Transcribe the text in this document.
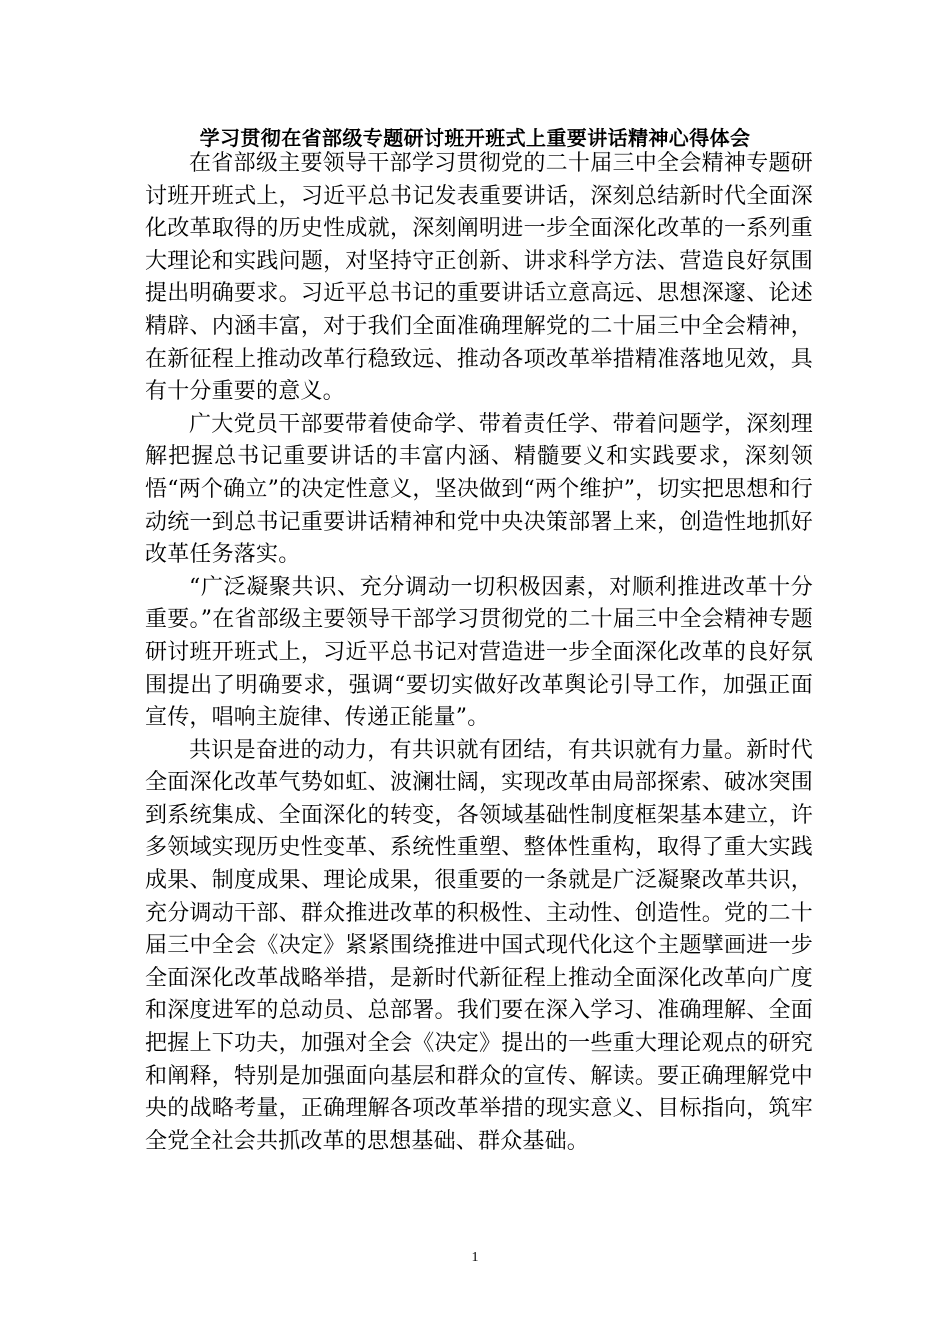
学习贯彻在省部级专题研讨班开班式上重要讲话精神心得体会

在省部级主要领导干部学习贯彻党的二十届三中全会精神专题研讨班开班式上，习近平总书记发表重要讲话，深刻总结新时代全面深化改革取得的历史性成就，深刻阐明进一步全面深化改革的一系列重大理论和实践问题，对坚持守正创新、讲求科学方法、营造良好氛围提出明确要求。习近平总书记的重要讲话立意高远、思想深邃、论述精辟、内涵丰富，对于我们全面准确理解党的二十届三中全会精神，在新征程上推动改革行稳致远、推动各项改革举措精准落地见效，具有十分重要的意义。

广大党员干部要带着使命学、带着责任学、带着问题学，深刻理解把握总书记重要讲话的丰富内涵、精髓要义和实践要求，深刻领悟“两个确立”的决定性意义，坚决做到“两个维护”，切实把思想和行动统一到总书记重要讲话精神和党中央决策部署上来，创造性地抓好改革任务落实。

“广泛凝聚共识、充分调动一切积极因素，对顺利推进改革十分重要。”在省部级主要领导干部学习贯彻党的二十届三中全会精神专题研讨班开班式上，习近平总书记对营造进一步全面深化改革的良好氛围提出了明确要求，强调“要切实做好改革舆论引导工作，加强正面宣传，唱响主旋律、传递正能量”。

共识是奋进的动力，有共识就有团结，有共识就有力量。新时代全面深化改革气势如虹、波澜壮阔，实现改革由局部探索、破冰突围到系统集成、全面深化的转变，各领域基础性制度框架基本建立，许多领域实现历史性变革、系统性重塑、整体性重构，取得了重大实践成果、制度成果、理论成果，很重要的一条就是广泛凝聚改革共识，充分调动干部、群众推进改革的积极性、主动性、创造性。党的二十届三中全会《决定》紧紧围绕推进中国式现代化这个主题擘画进一步全面深化改革战略举措，是新时代新征程上推动全面深化改革向广度和深度进军的总动员、总部署。我们要在深入学习、准确理解、全面把握上下功夫，加强对全会《决定》提出的一些重大理论观点的研究和阐释，特别是加强面向基层和群众的宣传、解读。要正确理解党中央的战略考量，正确理解各项改革举措的现实意义、目标指向，筑牢全党全社会共抓改革的思想基础、群众基础。

1
